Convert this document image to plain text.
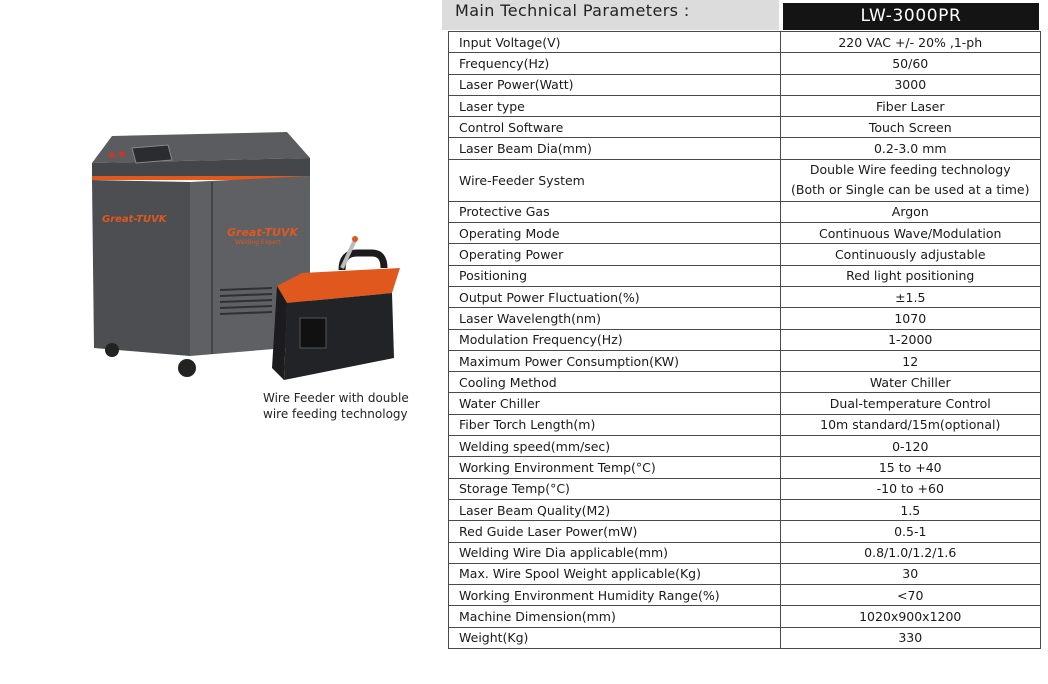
Great-TUVK
Great-TUVK
Welding Expert
Wire Feeder with double
wire feeding technology
Main Technical Parameters :	LW-3000PR
Input Voltage(V)	220 VAC +/- 20% ,1-ph
Frequency(Hz)	50/60
Laser Power(Watt)	3000
Laser type	Fiber Laser
Control Software	Touch Screen
Laser Beam Dia(mm)	0.2-3.0 mm
Wire-Feeder System	Double Wire feeding technology
(Both or Single can be used at a time)

Protective Gas	Argon
Operating Mode	Continuous Wave/Modulation
Operating Power	Continuously adjustable
Positioning	Red light positioning
Output Power Fluctuation(%)	±1.5
Laser Wavelength(nm)	1070
Modulation Frequency(Hz)	1-2000
Maximum Power Consumption(KW)	12
Cooling Method	Water Chiller
Water Chiller	Dual-temperature Control
Fiber Torch Length(m)	10m standard/15m(optional)
Welding speed(mm/sec)	0-120
Working Environment Temp(°C)	15 to +40
Storage Temp(°C)	-10 to +60
Laser Beam Quality(M2)	1.5
Red Guide Laser Power(mW)	0.5-1
Welding Wire Dia applicable(mm)	0.8/1.0/1.2/1.6
Max. Wire Spool Weight applicable(Kg)	30
Working Environment Humidity Range(%)	<70
Machine Dimension(mm)	1020x900x1200
Weight(Kg)	330
